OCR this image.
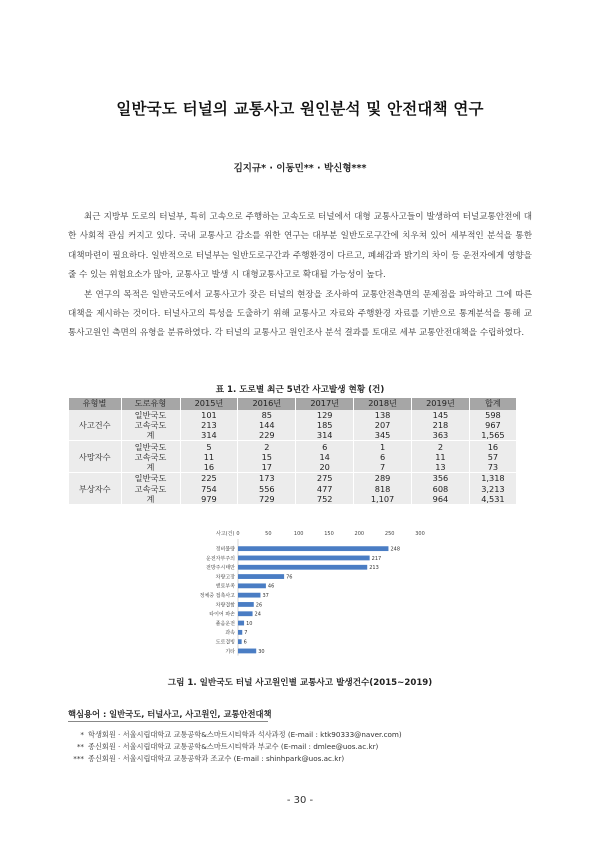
일반국도 터널의 교통사고 원인분석 및 안전대책 연구
김지규* · 이동민** · 박신형***

최근 지방부 도로의 터널부, 특히 고속으로 주행하는 고속도로 터널에서 대형 교통사고들이 발생하여 터널교통안전에 대한 사회적 관심 커지고 있다. 국내 교통사고 감소를 위한 연구는 대부분 일반도로구간에 치우쳐 있어 세부적인 분석을 통한 대책마련이 필요하다. 일반적으로 터널부는 일반도로구간과 주행환경이 다르고, 폐쇄감과 밝기의 차이 등 운전자에게 영향을 줄 수 있는 위험요소가 많아, 교통사고 발생 시 대형교통사고로 확대될 가능성이 높다.

본 연구의 목적은 일반국도에서 교통사고가 잦은 터널의 현장을 조사하여 교통안전측면의 문제점을 파악하고 그에 따른 대책을 제시하는 것이다. 터널사고의 특성을 도출하기 위해 교통사고 자료와 주행환경 자료를 기반으로 통계분석을 통해 교통사고원인 측면의 유형을 분류하였다. 각 터널의 교통사고 원인조사 분석 결과를 토대로 세부 교통안전대책을 수립하였다.

표 1. 도로별 최근 5년간 사고발생 현황 (건)
유형별	도로유형	2015년	2016년	2017년	2018년	2019년	합계
사고건수	일반국도	101	85	129	138	145	598
	고속국도	213	144	185	207	218	967
	계	314	229	314	345	363	1,565
사망자수	일반국도	5	2	6	1	2	16
	고속국도	11	15	14	6	11	57
	계	16	17	20	7	13	73
부상자수	일반국도	225	173	275	289	356	1,318
	고속국도	754	556	477	818	608	3,213
	계	979	729	752	1,107	964	4,531
사고(건) 0	50	100	150	200	250	300
정비불량	248
운전자부주의	217
전방주시태만	213
차량고장	76
앤료부족	46
정체중 접촉사고	37
차량결함	26
타이어 파손	24
졸음운전 10
과속 7
도로결빙 6
기타	30
그림 1. 일반국도 터널 사고원인별 교통사고 발생건수(2015~2019)
핵심용어 : 일반국도, 터널사고, 사고원인, 교통안전대책
* 학생회원 · 서울시립대학교 교통공학&스마트시티학과 석사과정 (E-mail : ktk90333@naver.com)
** 종신회원 · 서울시립대학교 교통공학&스마트시티학과 부교수 (E-mail : dmlee@uos.ac.kr)
*** 종신회원 · 서울시립대학교 교통공학과 조교수 (E-mail : shinhpark@uos.ac.kr)
- 30 -
